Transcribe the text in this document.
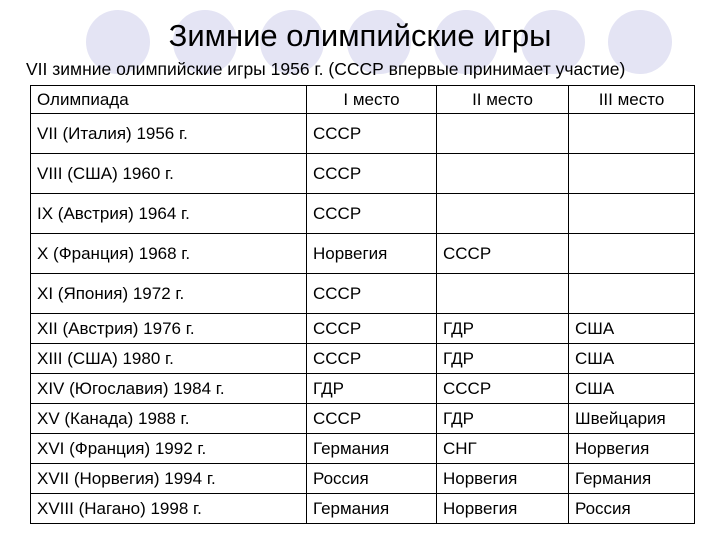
Зимние олимпийские игры
VII зимние олимпийские игры 1956 г. (СССР впервые принимает участие)
Олимпиада	I место	II место	III место
VII (Италия) 1956 г.	СССР		
VIII (США) 1960 г.	СССР		
IX (Австрия) 1964 г.	СССР		
X (Франция) 1968 г.	Норвегия	СССР	
XI (Япония) 1972 г.	СССР		
XII (Австрия) 1976 г.	СССР	ГДР	США
XIII (США) 1980 г.	СССР	ГДР	США
XIV (Югославия) 1984 г.	ГДР	СССР	США
XV (Канада) 1988 г.	СССР	ГДР	Швейцария
XVI (Франция) 1992 г.	Германия	СНГ	Норвегия
XVII (Норвегия) 1994 г.	Россия	Норвегия	Германия
XVIII (Нагано) 1998 г.	Германия	Норвегия	Россия
